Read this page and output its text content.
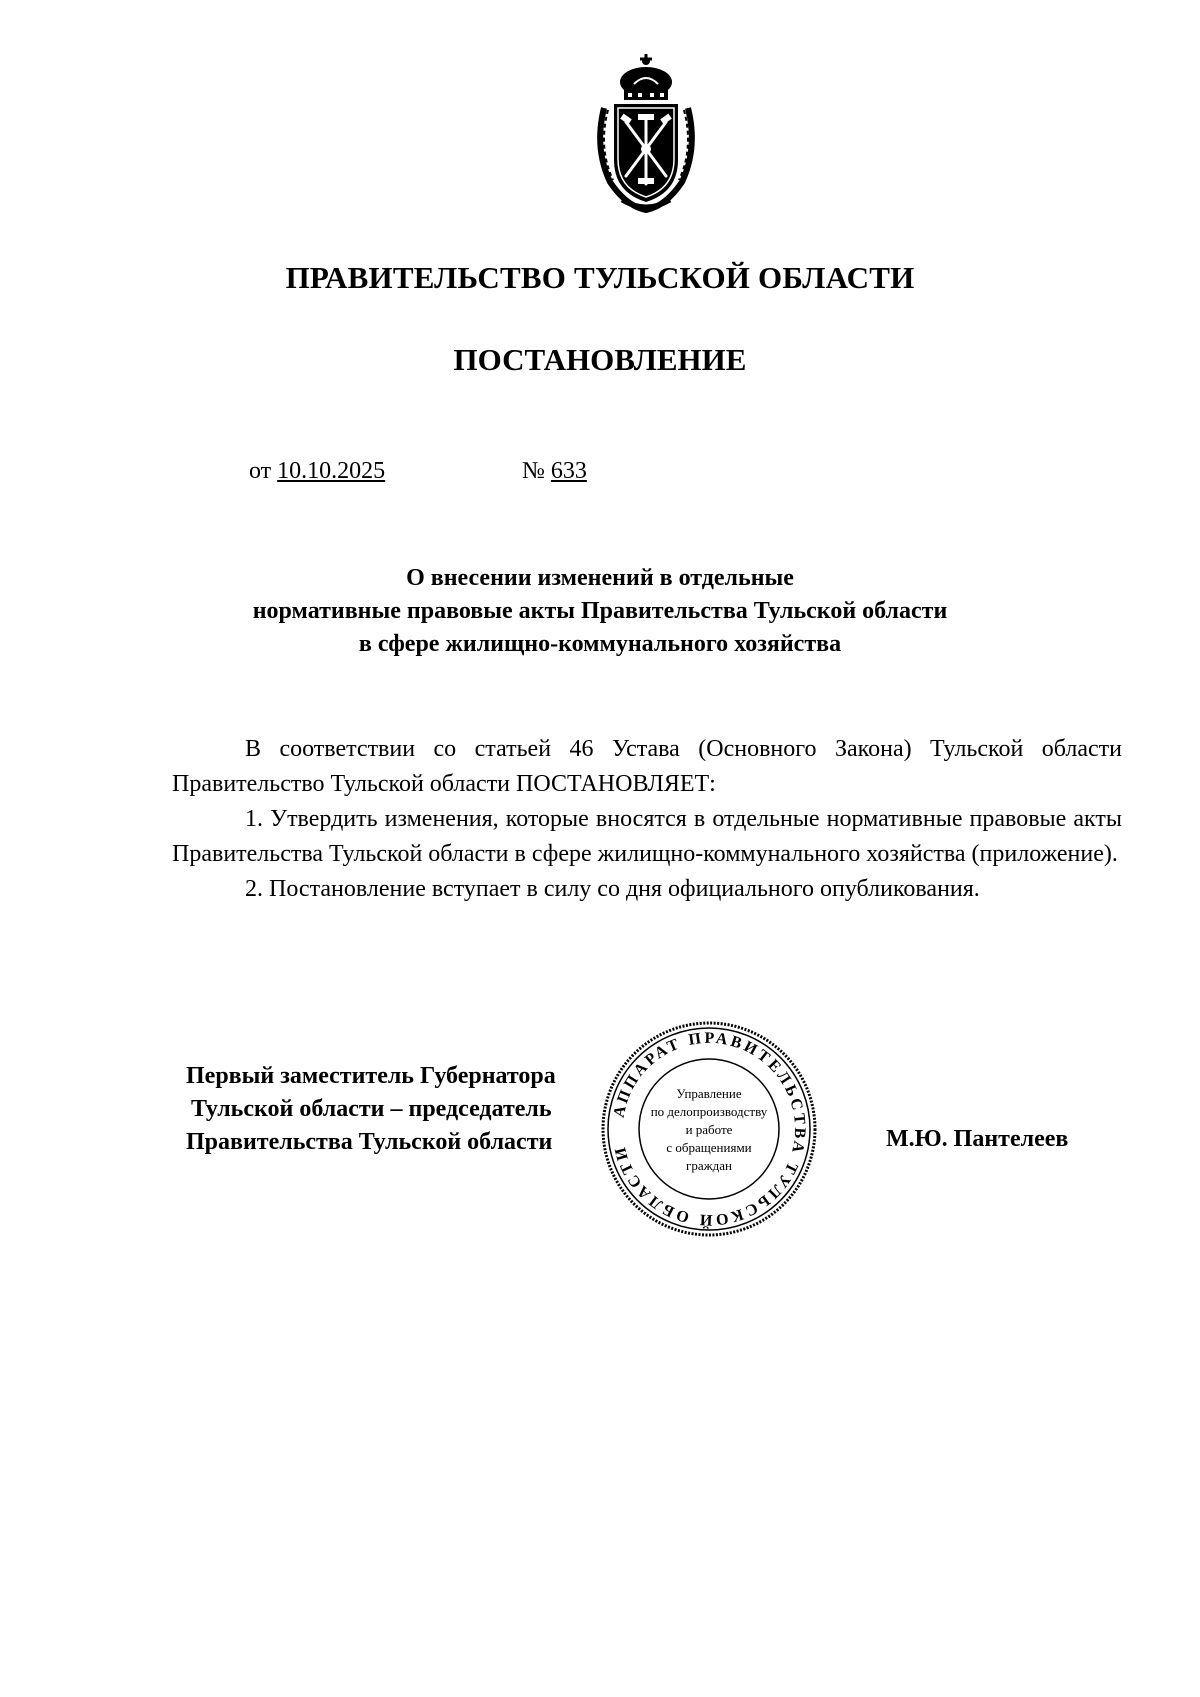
ПРАВИТЕЛЬСТВО ТУЛЬСКОЙ ОБЛАСТИ
ПОСТАНОВЛЕНИЕ
от 10.10.2025	№ 633
О внесении изменений в отдельные
нормативные правовые акты Правительства Тульской области
в сфере жилищно-коммунального хозяйства

В соответствии со статьей 46 Устава (Основного Закона) Тульской области Правительство Тульской области ПОСТАНОВЛЯЕТ:

1. Утвердить изменения, которые вносятся в отдельные нормативные правовые акты Правительства Тульской области в сфере жилищно-коммунального хозяйства (приложение).

2. Постановление вступает в силу со дня официального опубликования.

Первый заместитель Губернатора
Тульской области – председатель
Правительства Тульской области	М.Ю. Пантелеев
АППАРАТ ПРАВИТЕЛЬСТВА ТУЛЬСКОЙ ОБЛАСТИ
Управление
по делопроизводству
и работе
с обращениями
граждан
